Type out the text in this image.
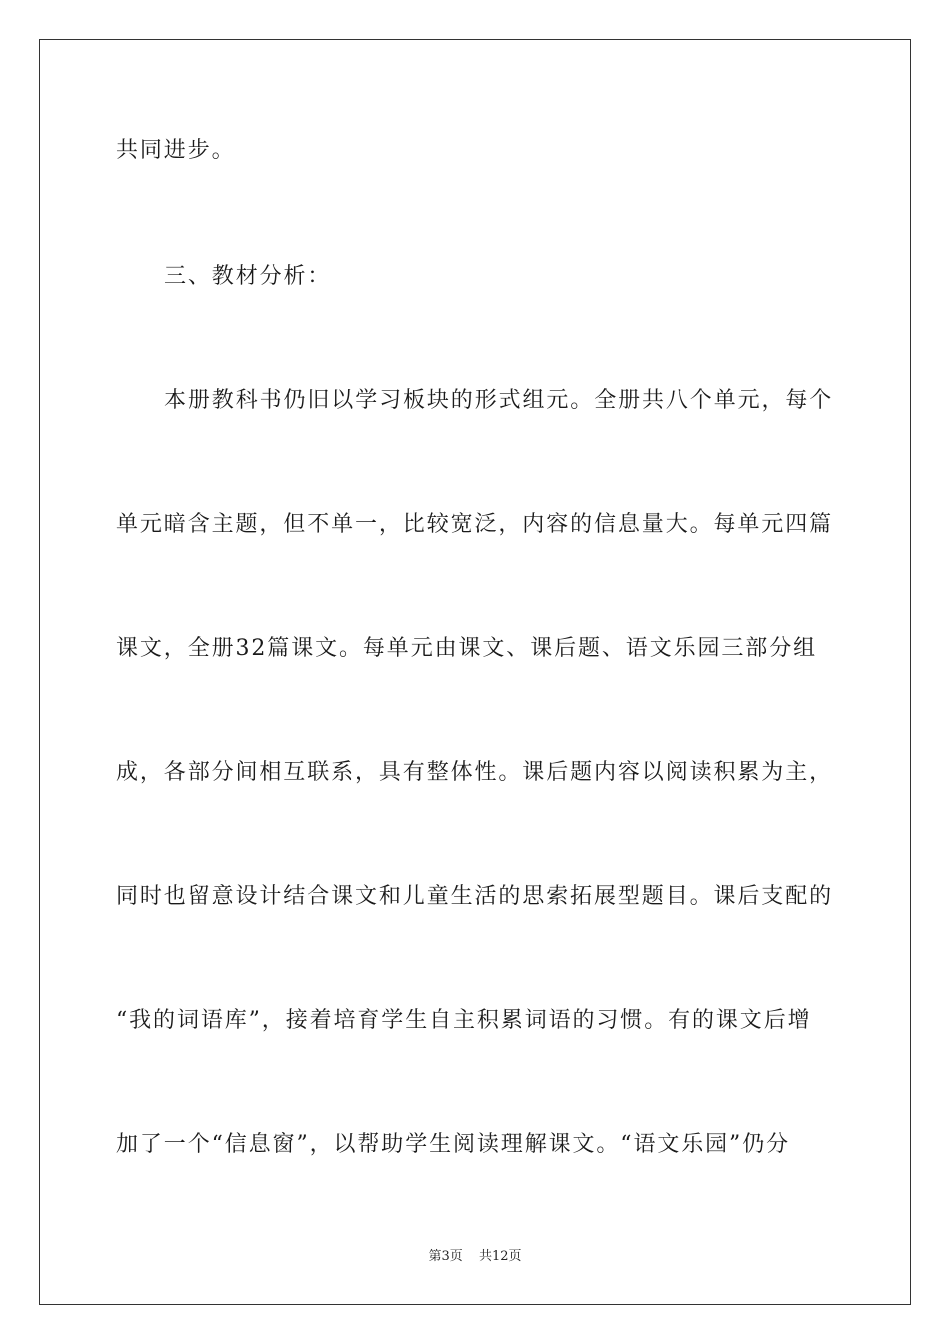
共同进步。
三、教材分析：
本册教科书仍旧以学习板块的形式组元。全册共八个单元，每个
单元暗含主题，但不单一，比较宽泛，内容的信息量大。每单元四篇
课文，全册32篇课文。每单元由课文、课后题、语文乐园三部分组
成，各部分间相互联系，具有整体性。课后题内容以阅读积累为主，
同时也留意设计结合课文和儿童生活的思索拓展型题目。课后支配的
“我的词语库”，接着培育学生自主积累词语的习惯。有的课文后增
加了一个“信息窗”，以帮助学生阅读理解课文。“语文乐园”仍分
第3页 共12页
